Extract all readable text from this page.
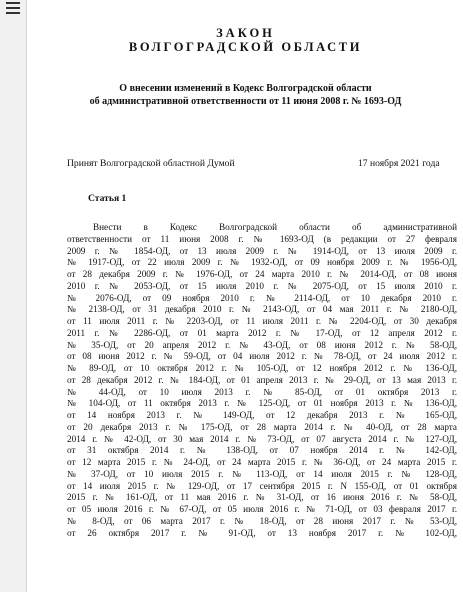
ЗАКОН
ВОЛГОГРАДСКОЙ ОБЛАСТИ
О внесении изменений в Кодекс Волгоградской области
об административной ответственности от 11 июня 2008 г. № 1693-ОД
Принят Волгоградской областной Думой	17 ноября 2021 года
Статья 1
Внести в Кодекс Волгоградской области об административной
ответственности от 11 июня 2008 г. № 1693-ОД (в редакции от 27 февраля
2009 г. № 1854-ОД, от 13 июля 2009 г. № 1914-ОД, от 13 июля 2009 г.
№ 1917-ОД, от 22 июля 2009 г. № 1932-ОД, от 09 ноября 2009 г. № 1956-ОД,
от 28 декабря 2009 г. № 1976-ОД, от 24 марта 2010 г. № 2014-ОД, от 08 июня
2010 г. № 2053-ОД, от 15 июля 2010 г. № 2075-ОД, от 15 июля 2010 г.
№ 2076-ОД, от 09 ноября 2010 г. № 2114-ОД, от 10 декабря 2010 г.
№ 2138-ОД, от 31 декабря 2010 г. № 2143-ОД, от 04 мая 2011 г. № 2180-ОД,
от 11 июля 2011 г. № 2203-ОД, от 11 июля 2011 г. № 2204-ОД, от 30 декабря
2011 г. № 2286-ОД, от 01 марта 2012 г. № 17-ОД, от 12 апреля 2012 г.
№ 35-ОД, от 20 апреля 2012 г. № 43-ОД, от 08 июня 2012 г. № 58-ОД,
от 08 июня 2012 г. № 59-ОД, от 04 июля 2012 г. № 78-ОД, от 24 июля 2012 г.
№ 89-ОД, от 10 октября 2012 г. № 105-ОД, от 12 ноября 2012 г. № 136-ОД,
от 28 декабря 2012 г. № 184-ОД, от 01 апреля 2013 г. № 29-ОД, от 13 мая 2013 г.
№ 44-ОД, от 10 июля 2013 г. № 85-ОД, от 01 октября 2013 г.
№ 104-ОД, от 11 октября 2013 г. № 125-ОД, от 01 ноября 2013 г. № 136-ОД,
от 14 ноября 2013 г. № 149-ОД, от 12 декабря 2013 г. № 165-ОД,
от 20 декабря 2013 г. № 175-ОД, от 28 марта 2014 г. № 40-ОД, от 28 марта
2014 г. № 42-ОД, от 30 мая 2014 г. № 73-ОД, от 07 августа 2014 г. № 127-ОД,
от 31 октября 2014 г. № 138-ОД, от 07 ноября 2014 г. № 142-ОД,
от 12 марта 2015 г. № 24-ОД, от 24 марта 2015 г. № 36-ОД, от 24 марта 2015 г.
№ 37-ОД, от 10 июля 2015 г. № 113-ОД, от 14 июля 2015 г. № 128-ОД,
от 14 июля 2015 г. № 129-ОД, от 17 сентября 2015 г. N 155-ОД, от 01 октября
2015 г. № 161-ОД, от 11 мая 2016 г. № 31-ОД, от 16 июня 2016 г. № 58-ОД,
от 05 июля 2016 г. № 67-ОД, от 05 июля 2016 г. № 71-ОД, от 03 февраля 2017 г.
№ 8-ОД, от 06 марта 2017 г. № 18-ОД, от 28 июня 2017 г. № 53-ОД,
от 26 октября 2017 г. № 91-ОД, от 13 ноября 2017 г. № 102-ОД,
